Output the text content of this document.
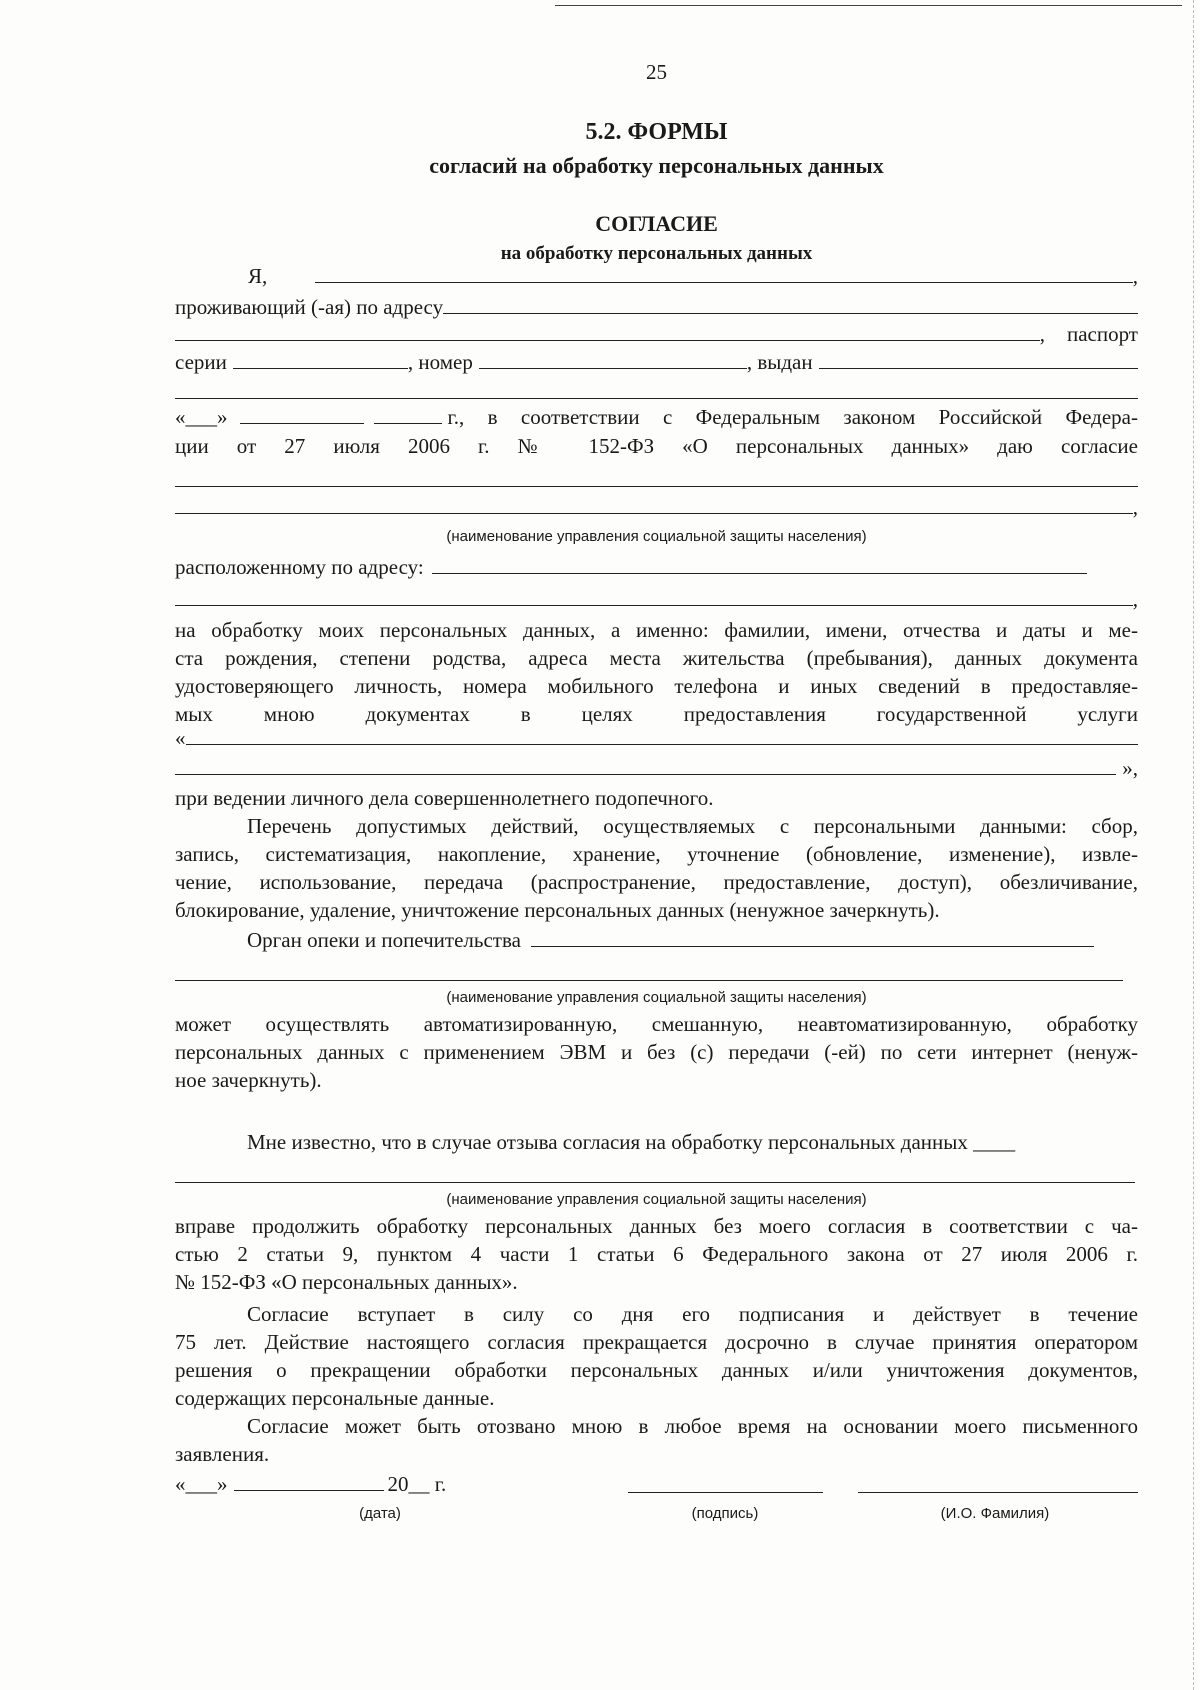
25
5.2. ФОРМЫ
согласий на обработку персональных данных
СОГЛАСИЕ
на обработку персональных данных
Я,	,
проживающий (-ая) по адресу
, паспорт
серии	, номер	, выдан
«___»	г., в соответствии с Федеральным законом Российской Федера-
ции от 27 июля 2006 г. № 152-ФЗ «О персональных данных» даю согласие
,
(наименование управления социальной защиты населения)
расположенному по адресу:
,
на обработку моих персональных данных, а именно: фамилии, имени, отчества и даты и ме-
ста рождения, степени родства, адреса места жительства (пребывания), данных документа
удостоверяющего личность, номера мобильного телефона и иных сведений в предоставляе-
мых мною документах в целях предоставления государственной услуги
«
»,
при ведении личного дела совершеннолетнего подопечного.
Перечень допустимых действий, осуществляемых с персональными данными: сбор,
запись, систематизация, накопление, хранение, уточнение (обновление, изменение), извле-
чение, использование, передача (распространение, предоставление, доступ), обезличивание,
блокирование, удаление, уничтожение персональных данных (ненужное зачеркнуть).
Орган опеки и попечительства
(наименование управления социальной защиты населения)
может осуществлять автоматизированную, смешанную, неавтоматизированную, обработку
персональных данных с применением ЭВМ и без (с) передачи (-ей) по сети интернет (ненуж-
ное зачеркнуть).
Мне известно, что в случае отзыва согласия на обработку персональных данных ____
(наименование управления социальной защиты населения)
вправе продолжить обработку персональных данных без моего согласия в соответствии с ча-
стью 2 статьи 9, пунктом 4 части 1 статьи 6 Федерального закона от 27 июля 2006 г.
№ 152-ФЗ «О персональных данных».
Согласие вступает в силу со дня его подписания и действует в течение
75 лет. Действие настоящего согласия прекращается досрочно в случае принятия оператором
решения о прекращении обработки персональных данных и/или уничтожения документов,
содержащих персональные данные.
Согласие может быть отозвано мною в любое время на основании моего письменного
заявления.
«___»	20__ г.
(дата)	(подпись)	(И.О. Фамилия)
